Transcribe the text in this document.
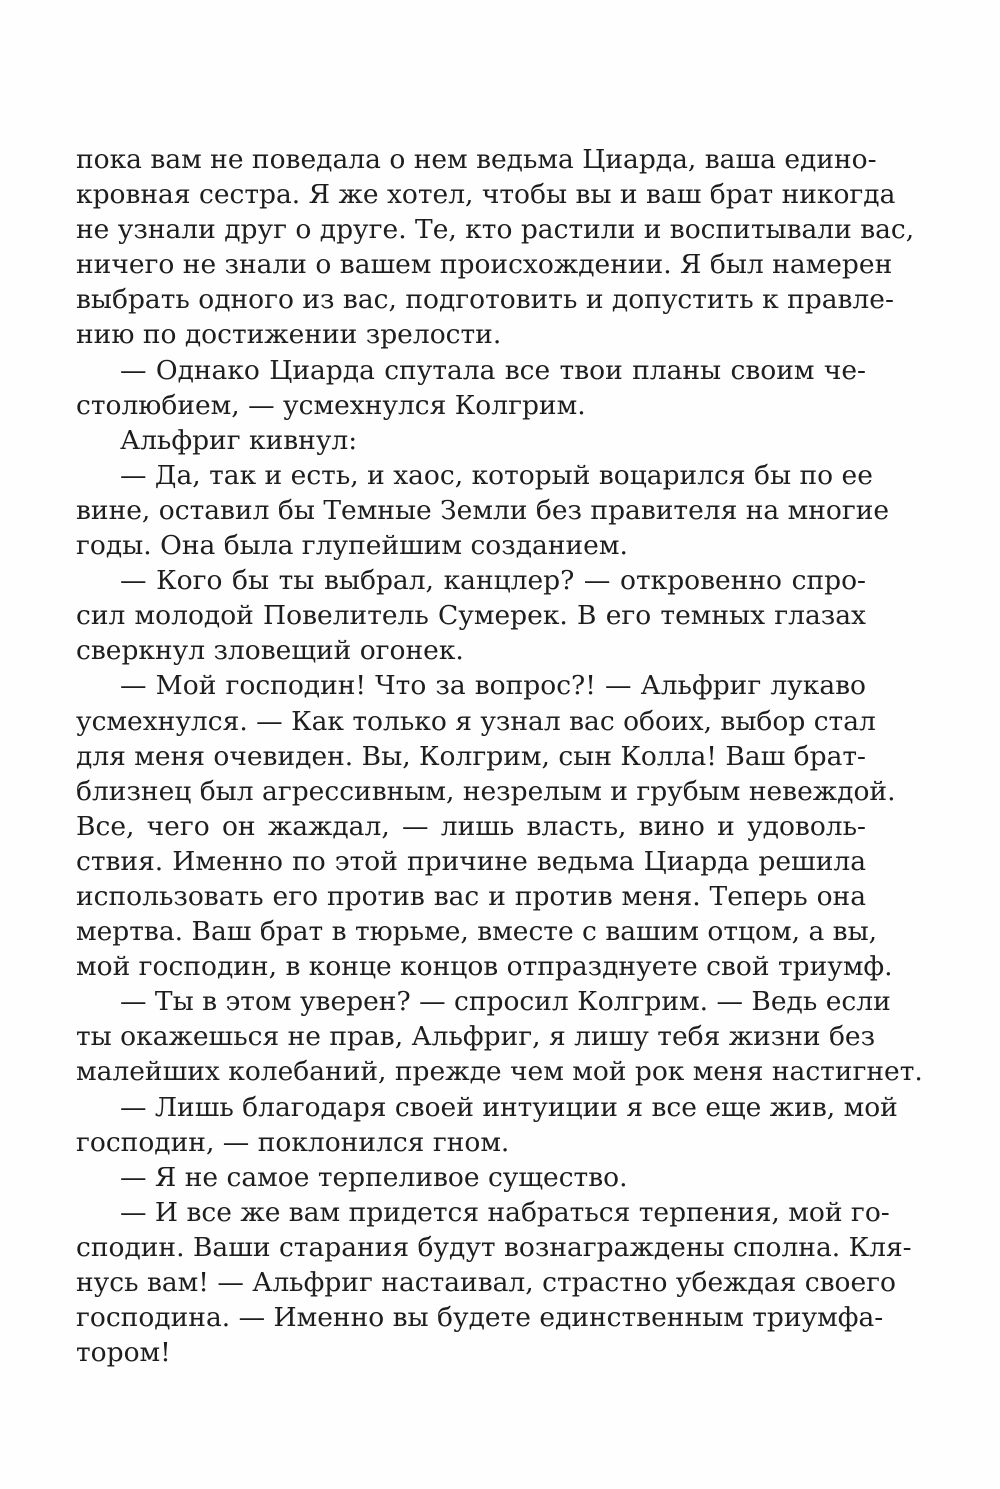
пока вам не поведала о нем ведьма Циарда, ваша едино-
кровная сестра. Я же хотел, чтобы вы и ваш брат никогда
не узнали друг о друге. Те, кто растили и воспитывали вас,
ничего не знали о вашем происхождении. Я был намерен
выбрать одного из вас, подготовить и допустить к правле-
нию по достижении зрелости.
— Однако Циарда спутала все твои планы своим че-
столюбием, — усмехнулся Колгрим.
Альфриг кивнул:
— Да, так и есть, и хаос, который воцарился бы по ее
вине, оставил бы Темные Земли без правителя на многие
годы. Она была глупейшим созданием.
— Кого бы ты выбрал, канцлер? — откровенно спро-
сил молодой Повелитель Сумерек. В его темных глазах
сверкнул зловещий огонек.
— Мой господин! Что за вопрос?! — Альфриг лукаво
усмехнулся. — Как только я узнал вас обоих, выбор стал
для меня очевиден. Вы, Колгрим, сын Колла! Ваш брат-
близнец был агрессивным, незрелым и грубым невеждой.
Все, чего он жаждал, — лишь власть, вино и удоволь-
ствия. Именно по этой причине ведьма Циарда решила
использовать его против вас и против меня. Теперь она
мертва. Ваш брат в тюрьме, вместе с вашим отцом, а вы,
мой господин, в конце концов отпразднуете свой триумф.
— Ты в этом уверен? — спросил Колгрим. — Ведь если
ты окажешься не прав, Альфриг, я лишу тебя жизни без
малейших колебаний, прежде чем мой рок меня настигнет.
— Лишь благодаря своей интуиции я все еще жив, мой
господин, — поклонился гном.
— Я не самое терпеливое существо.
— И все же вам придется набраться терпения, мой го-
сподин. Ваши старания будут вознаграждены сполна. Кля-
нусь вам! — Альфриг настаивал, страстно убеждая своего
господина. — Именно вы будете единственным триумфа-
тором!
